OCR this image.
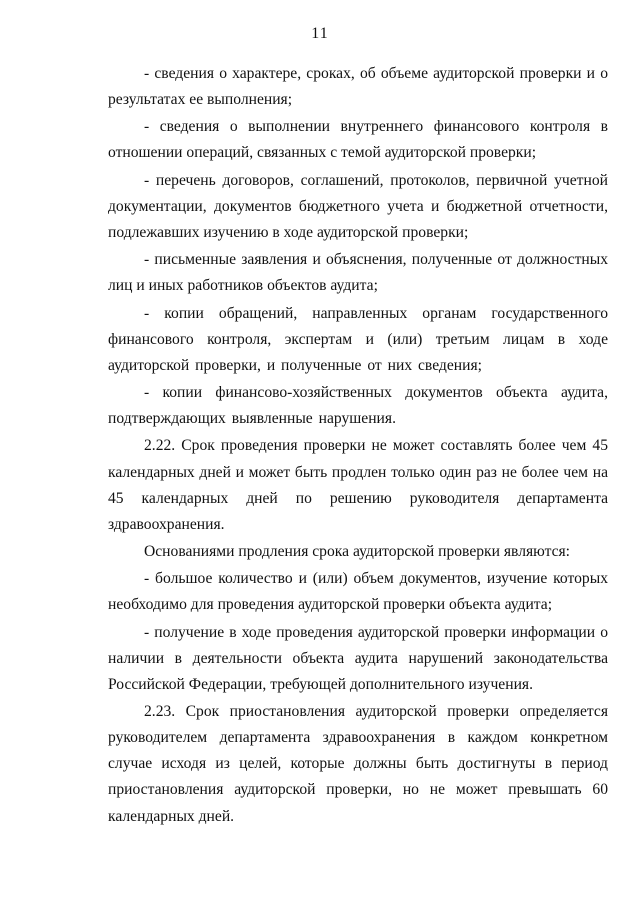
11

- сведения о характере, сроках, об объеме аудиторской проверки и о результатах ее выполнения;

- сведения о выполнении внутреннего финансового контроля в отношении операций, связанных с темой аудиторской проверки;

- перечень договоров, соглашений, протоколов, первичной учетной документации, документов бюджетного учета и бюджетной отчетности, подлежавших изучению в ходе аудиторской проверки;

- письменные заявления и объяснения, полученные от должностных лиц и иных работников объектов аудита;

- копии обращений, направленных органам государственного финансового контроля, экспертам и (или) третьим лицам в ходе аудиторской проверки, и полученные от них сведения;

- копии финансово-хозяйственных документов объекта аудита, подтверждающих выявленные нарушения.

2.22. Срок проведения проверки не может составлять более чем 45 календарных дней и может быть продлен только один раз не более чем на 45 календарных дней по решению руководителя департамента здравоохранения.

Основаниями продления срока аудиторской проверки являются:

- большое количество и (или) объем документов, изучение которых необходимо для проведения аудиторской проверки объекта аудита;

- получение в ходе проведения аудиторской проверки информации о наличии в деятельности объекта аудита нарушений законодательства Российской Федерации, требующей дополнительного изучения.

2.23. Срок приостановления аудиторской проверки определяется руководителем департамента здравоохранения в каждом конкретном случае исходя из целей, которые должны быть достигнуты в период приостановления аудиторской проверки, но не может превышать 60 календарных дней.
